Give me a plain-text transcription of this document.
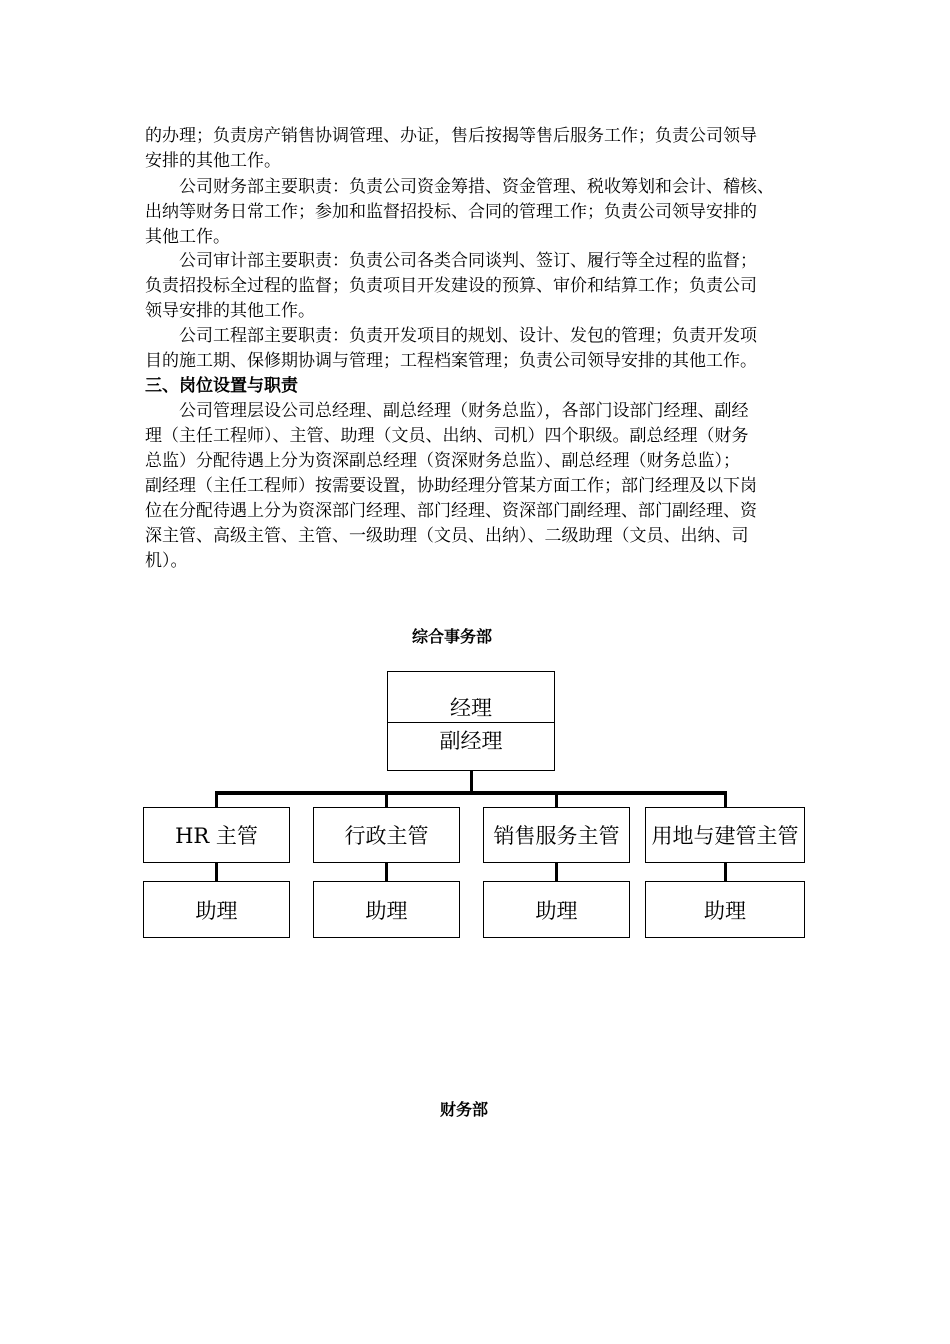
的办理；负责房产销售协调管理、办证，售后按揭等售后服务工作；负责公司领导
安排的其他工作。
　　公司财务部主要职责：负责公司资金筹措、资金管理、税收筹划和会计、稽核、
出纳等财务日常工作；参加和监督招投标、合同的管理工作；负责公司领导安排的
其他工作。
　　公司审计部主要职责：负责公司各类合同谈判、签订、履行等全过程的监督；
负责招投标全过程的监督；负责项目开发建设的预算、审价和结算工作；负责公司
领导安排的其他工作。
　　公司工程部主要职责：负责开发项目的规划、设计、发包的管理；负责开发项
目的施工期、保修期协调与管理；工程档案管理；负责公司领导安排的其他工作。
三、岗位设置与职责
　　公司管理层设公司总经理、副总经理（财务总监），各部门设部门经理、副经
理（主任工程师）、主管、助理（文员、出纳、司机）四个职级。副总经理（财务
总监）分配待遇上分为资深副总经理（资深财务总监）、副总经理（财务总监）；
副经理（主任工程师）按需要设置，协助经理分管某方面工作；部门经理及以下岗
位在分配待遇上分为资深部门经理、部门经理、资深部门副经理、部门副经理、资
深主管、高级主管、主管、一级助理（文员、出纳）、二级助理（文员、出纳、司
机）。
综合事务部
经理
副经理
HR 主管	行政主管	销售服务主管	用地与建管主管
助理	助理	助理	助理
财务部
